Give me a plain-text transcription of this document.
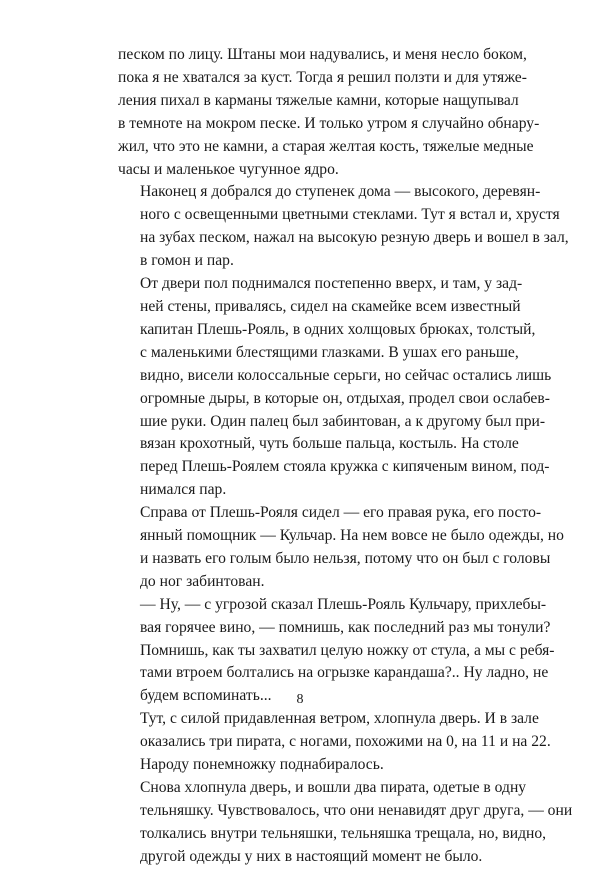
песком по лицу. Штаны мои надувались, и меня несло боком,
пока я не хватался за куст. Тогда я решил ползти и для утяже-
ления пихал в карманы тяжелые камни, которые нащупывал
в темноте на мокром песке. И только утром я случайно обнару-
жил, что это не камни, а старая желтая кость, тяжелые медные
часы и маленькое чугунное ядро.

Наконец я добрался до ступенек дома — высокого, деревян-
ного с освещенными цветными стеклами. Тут я встал и, хрустя
на зубах песком, нажал на высокую резную дверь и вошел в зал,
в гомон и пар.

От двери пол поднимался постепенно вверх, и там, у зад-
ней стены, привалясь, сидел на скамейке всем известный
капитан Плешь-Рояль, в одних холщовых брюках, толстый,
с маленькими блестящими глазками. В ушах его раньше,
видно, висели колоссальные серьги, но сейчас остались лишь
огромные дыры, в которые он, отдыхая, продел свои ослабев-
шие руки. Один палец был забинтован, а к другому был при-
вязан крохотный, чуть больше пальца, костыль. На столе
перед Плешь-Роялем стояла кружка с кипяченым вином, под-
нимался пар.

Справа от Плешь-Рояля сидел — его правая рука, его посто-
янный помощник — Кульчар. На нем вовсе не было одежды, но
и назвать его голым было нельзя, потому что он был с головы
до ног забинтован.

— Ну, — с угрозой сказал Плешь-Рояль Кульчару, прихлебы-
вая горячее вино, — помнишь, как последний раз мы тонули?
Помнишь, как ты захватил целую ножку от стула, а мы с ребя-
тами втроем болтались на огрызке карандаша?.. Ну ладно, не
будем вспоминать...

Тут, с силой придавленная ветром, хлопнула дверь. И в зале
оказались три пирата, с ногами, похожими на 0, на 11 и на 22.
Народу понемножку поднабиралось.

Снова хлопнула дверь, и вошли два пирата, одетые в одну
тельняшку. Чувствовалось, что они ненавидят друг друга, — они
толкались внутри тельняшки, тельняшка трещала, но, видно,
другой одежды у них в настоящий момент не было.

8
